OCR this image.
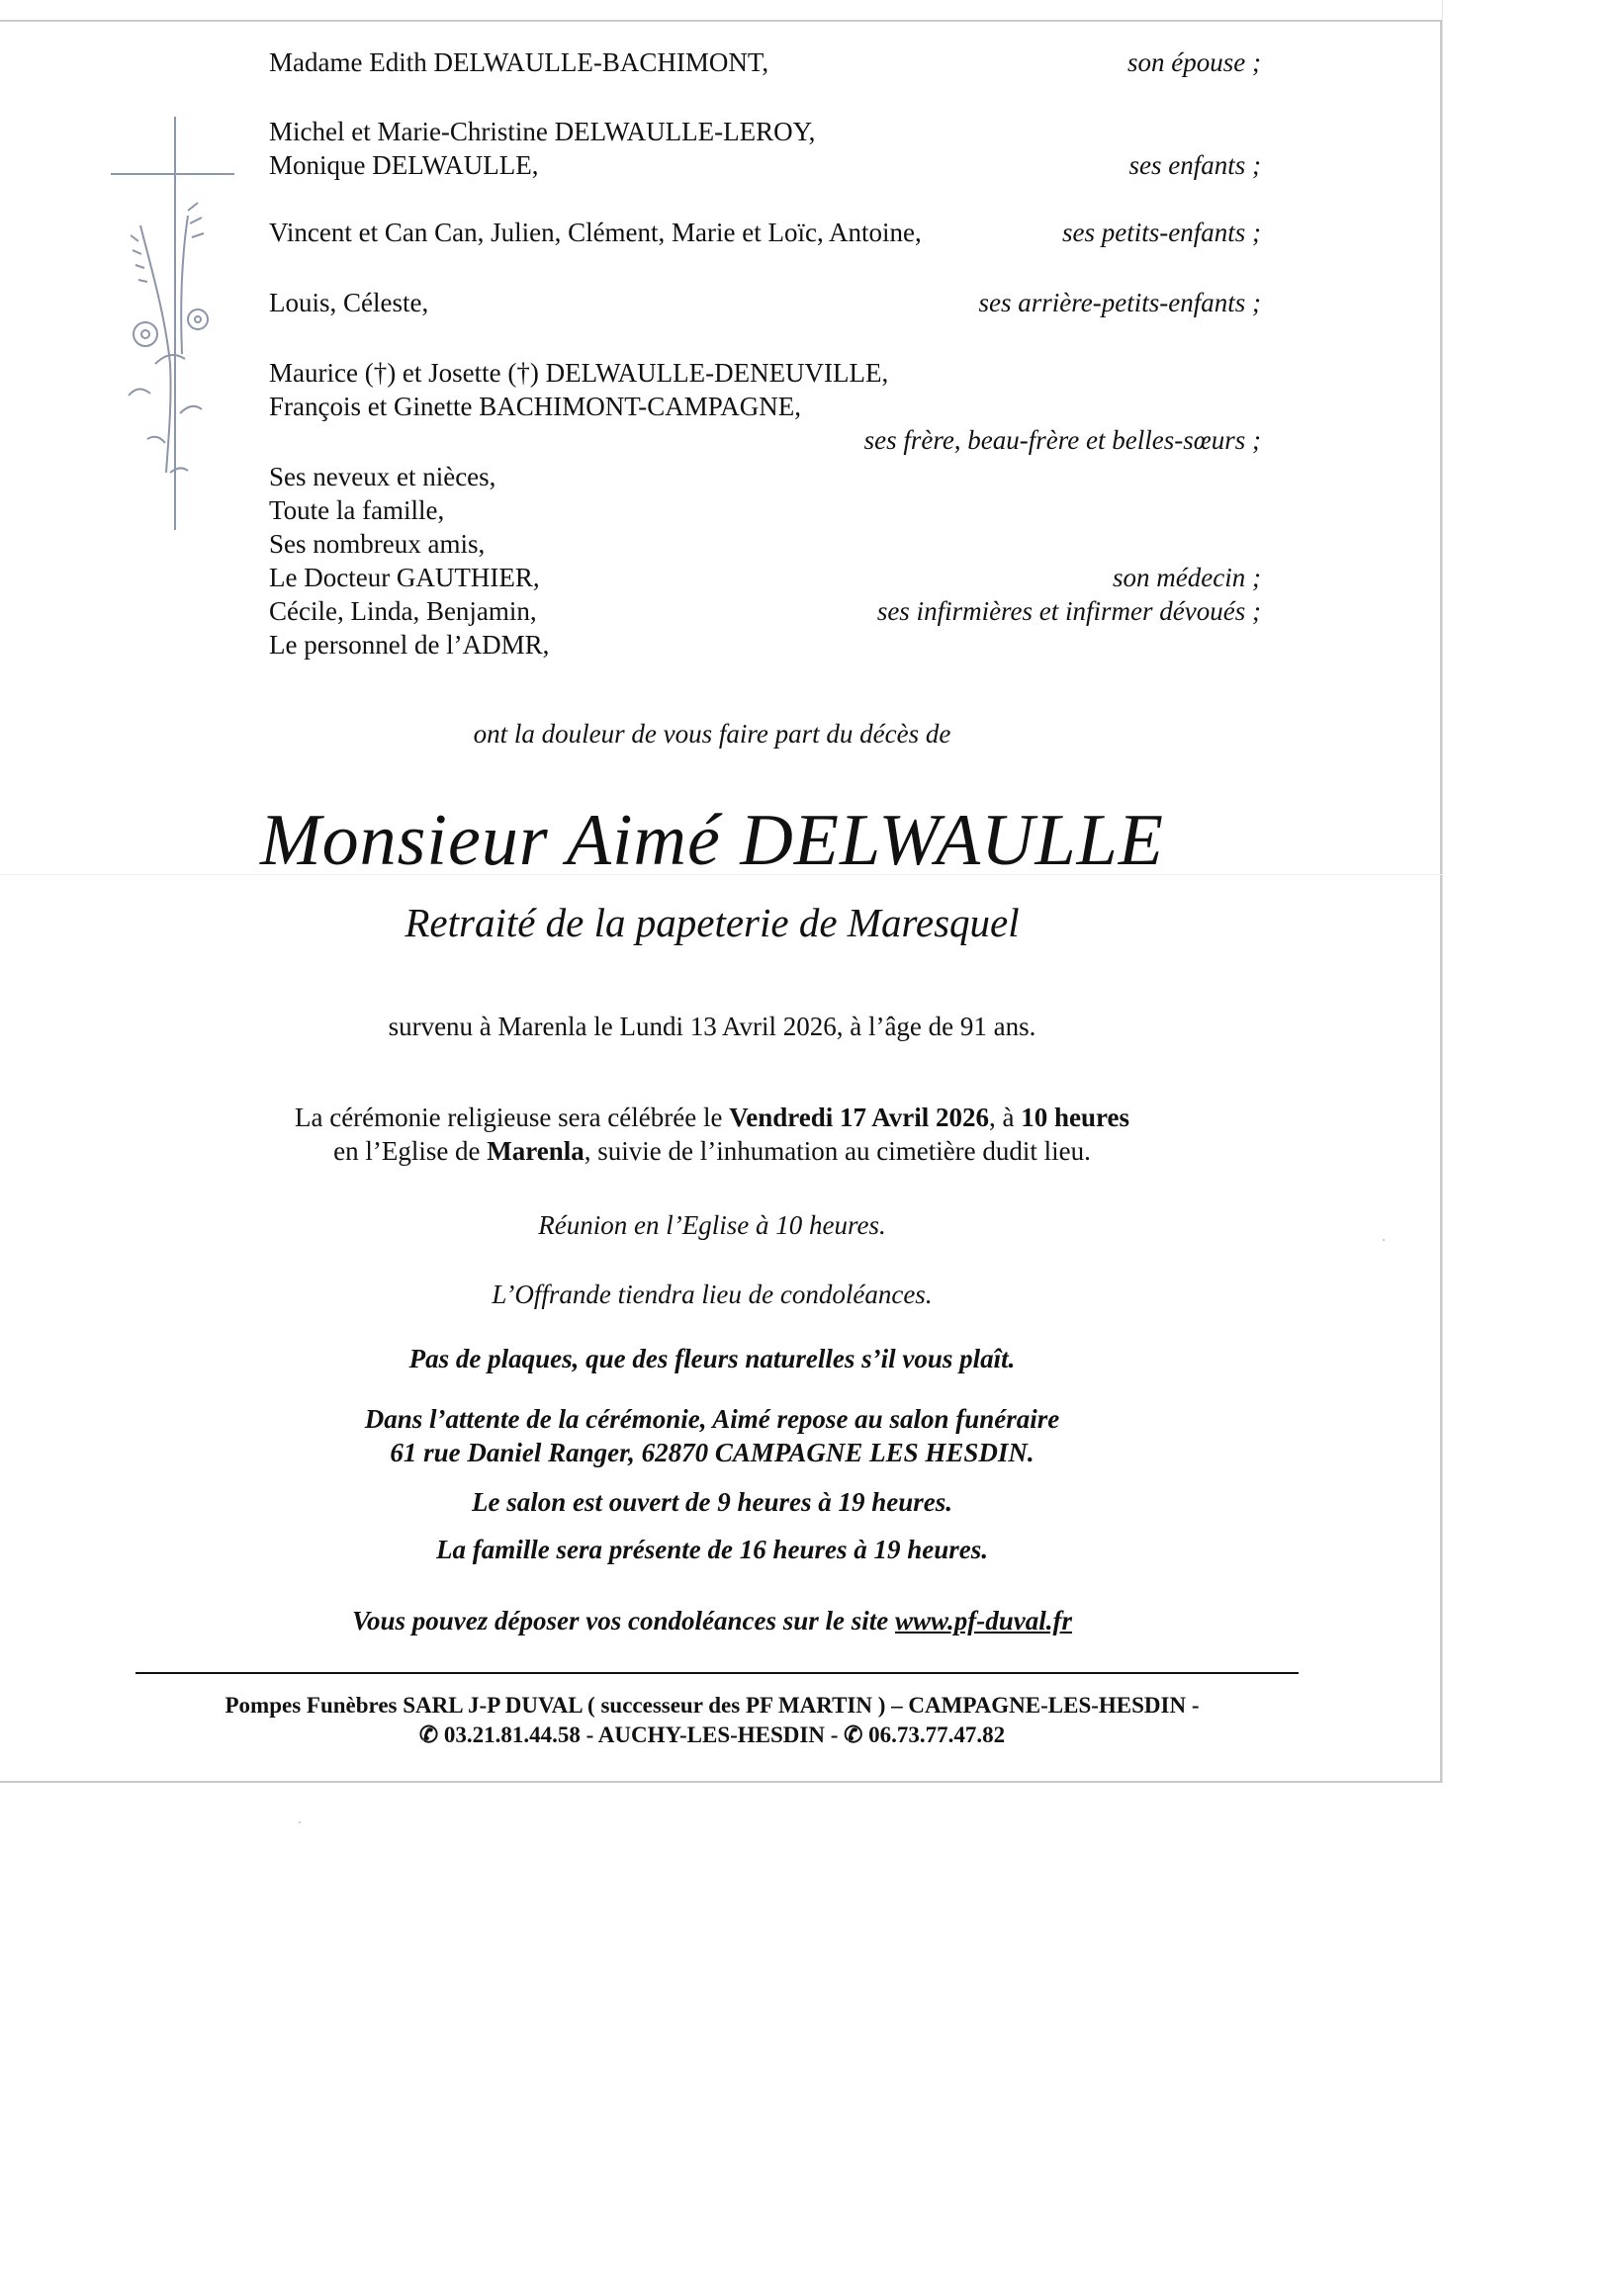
Madame Edith DELWAULLE-BACHIMONT,	son épouse ;
Michel et Marie-Christine DELWAULLE-LEROY,
Monique DELWAULLE,	ses enfants ;
Vincent et Can Can, Julien, Clément, Marie et Loïc, Antoine,	ses petits-enfants ;
Louis, Céleste,	ses arrière-petits-enfants ;
Maurice (†) et Josette (†) DELWAULLE-DENEUVILLE,
François et Ginette BACHIMONT-CAMPAGNE,
ses frère, beau-frère et belles-sœurs ;
Ses neveux et nièces,
Toute la famille,
Ses nombreux amis,
Le Docteur GAUTHIER,	son médecin ;
Cécile, Linda, Benjamin,	ses infirmières et infirmer dévoués ;
Le personnel de l’ADMR,
ont la douleur de vous faire part du décès de
Monsieur Aimé DELWAULLE
Retraité de la papeterie de Maresquel
survenu à Marenla le Lundi 13 Avril 2026, à l’âge de 91 ans.
La cérémonie religieuse sera célébrée le Vendredi 17 Avril 2026, à 10 heures
en l’Eglise de Marenla, suivie de l’inhumation au cimetière dudit lieu.
Réunion en l’Eglise à 10 heures.
L’Offrande tiendra lieu de condoléances.
Pas de plaques, que des fleurs naturelles s’il vous plaît.
Dans l’attente de la cérémonie, Aimé repose au salon funéraire
61 rue Daniel Ranger, 62870 CAMPAGNE LES HESDIN.
Le salon est ouvert de 9 heures à 19 heures.
La famille sera présente de 16 heures à 19 heures.
Vous pouvez déposer vos condoléances sur le site www.pf-duval.fr
Pompes Funèbres SARL J-P DUVAL ( successeur des PF MARTIN ) – CAMPAGNE-LES-HESDIN -
✆ 03.21.81.44.58 - AUCHY-LES-HESDIN - ✆ 06.73.77.47.82
